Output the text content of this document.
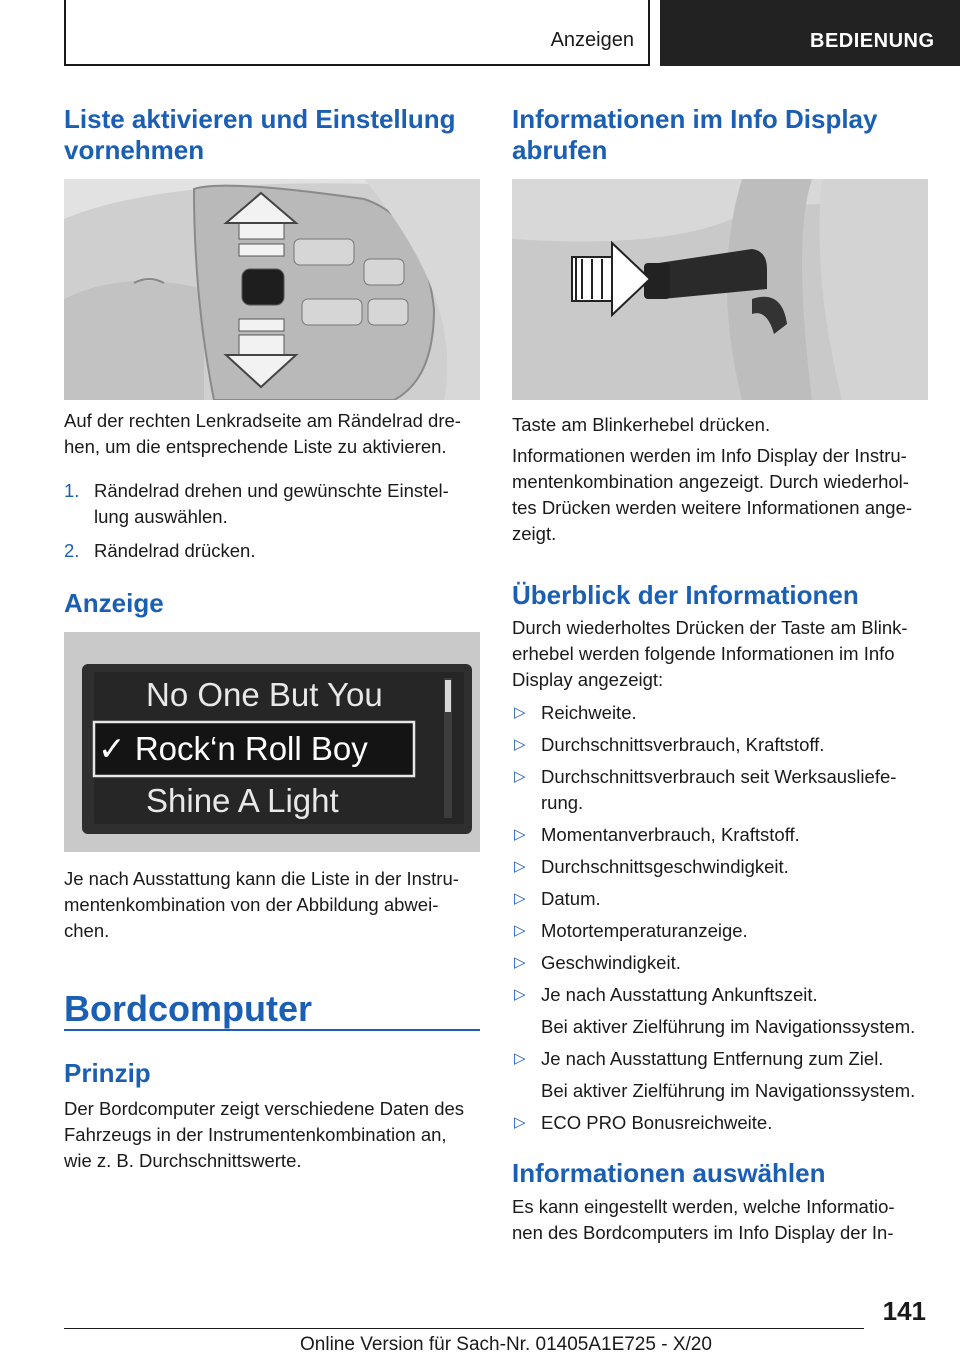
Anzeigen	BEDIENUNG
Liste aktivieren und Einstellung
vornehmen
Auf der rechten Lenkradseite am Rändelrad dre-
hen, um die entsprechende Liste zu aktivieren.
1. Rändelrad drehen und gewünschte Einstel-
lung auswählen.
2. Rändelrad drücken.
Anzeige
No One But You
✓ Rock‘n Roll Boy
Shine A Light
Je nach Ausstattung kann die Liste in der Instru-
mentenkombination von der Abbildung abwei-
chen.
Bordcomputer
Prinzip
Der Bordcomputer zeigt verschiedene Daten des
Fahrzeugs in der Instrumentenkombination an,
wie z. B. Durchschnittswerte.
Informationen im Info Display
abrufen
Taste am Blinkerhebel drücken.
Informationen werden im Info Display der Instru-
mentenkombination angezeigt. Durch wiederhol-
tes Drücken werden weitere Informationen ange-
zeigt.
Überblick der Informationen
Durch wiederholtes Drücken der Taste am Blink-
erhebel werden folgende Informationen im Info
Display angezeigt:
▷ Reichweite.
▷ Durchschnittsverbrauch, Kraftstoff.
▷ Durchschnittsverbrauch seit Werksausliefe-
rung.
▷ Momentanverbrauch, Kraftstoff.
▷ Durchschnittsgeschwindigkeit.
▷ Datum.
▷ Motortemperaturanzeige.
▷ Geschwindigkeit.
▷ Je nach Ausstattung Ankunftszeit.
Bei aktiver Zielführung im Navigationssystem.
▷ Je nach Ausstattung Entfernung zum Ziel.
Bei aktiver Zielführung im Navigationssystem.
▷ ECO PRO Bonusreichweite.
Informationen auswählen
Es kann eingestellt werden, welche Informatio-
nen des Bordcomputers im Info Display der In-
141
Online Version für Sach-Nr. 01405A1E725 - X/20
